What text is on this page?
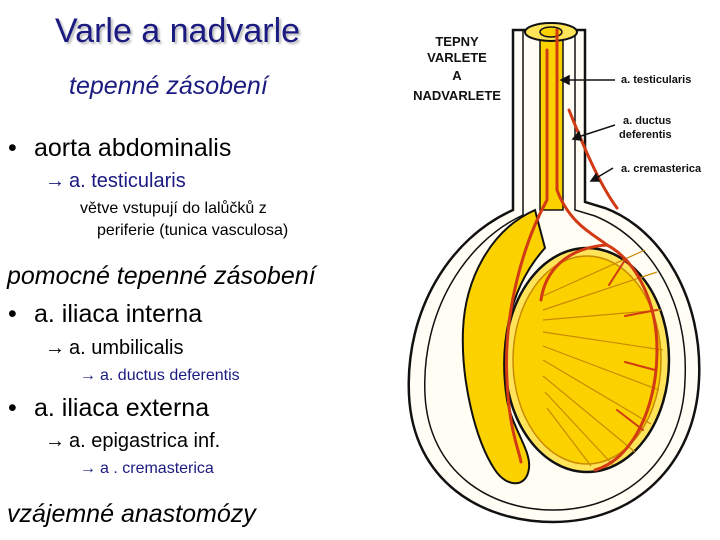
Varle a nadvarle
tepenné zásobení
• aorta abdominalis
→ a. testicularis
větve vstupují do lalůčků z
periferie (tunica vasculosa)
pomocné tepenné zásobení
• a. iliaca interna
→ a. umbilicalis
→ a. ductus deferentis
• a. iliaca externa
→ a. epigastrica inf.
→ a . cremasterica
vzájemné anastomózy
TEPNY
VARLETE
A
NADVARLETE
a. testicularis
a. ductus
deferentis
a. cremasterica
